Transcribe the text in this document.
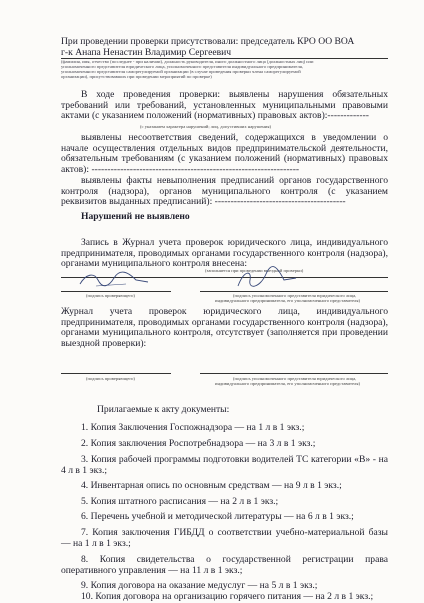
При проведении проверки присутствовали: председатель КРО ОО ВОА
г-к Анапа Ненастин Владимир Сергеевич
(фамилия, имя, отчество (последнее - при наличии), должность руководителя, иного должностного лица (должностных лиц) или
уполномоченного представителя юридического лица, уполномоченного представителя индивидуального предпринимателя,
уполномоченного представителя саморегулируемой организации (в случае проведения проверки члена саморегулируемой
организации), присутствовавших при проведении мероприятий по проверке)
В ходе проведения проверки: выявлены нарушения обязательных требований или требований, установленных муниципальными правовыми актами (с указанием положений (нормативных) правовых актов):-------------
(с указанием характера нарушений; лиц, допустивших нарушения)
выявлены несоответствия сведений, содержащихся в уведомлении о начале осуществления отдельных видов предпринимательской деятельности, обязательным требованиям (с указанием положений (нормативных) правовых актов): -----------------------------------------------------------------
выявлены факты невыполнения предписаний органов государственного контроля (надзора), органов муниципального контроля (с указанием реквизитов выданных предписаний): -----------------------------------------
Нарушений не выявлено
Запись в Журнал учета проверок юридического лица, индивидуального предпринимателя, проводимых органами государственного контроля (надзора), органами муниципального контроля внесена:
(заполняется при проведении выездной проверки)
(подпись проверяющего)	(подпись уполномоченного представителя юридического лица,
индивидуального предпринимателя, его уполномоченного представителя)
Журнал учета проверок юридического лица, индивидуального предпринимателя, проводимых органами государственного контроля (надзора), органами муниципального контроля, отсутствует (заполняется при проведении выездной проверки):
(подпись проверяющего)	(подпись уполномоченного представителя юридического лица,
индивидуального предпринимателя, его уполномоченного представителя)
Прилагаемые к акту документы:
1. Копия Заключения Госпожнадзора — на 1 л в 1 экз.;
2. Копия заключения Роспотребнадзора — на 3 л в 1 экз.;
3. Копия рабочей программы подготовки водителей ТС категории «В» - на 4 л в 1 экз.;
4. Инвентарная опись по основным средствам — на 9 л в 1 экз.;
5. Копия штатного расписания — на 2 л в 1 экз.;
6. Перечень учебной и методической литературы — на 6 л в 1 экз.;
7. Копия заключения ГИБДД о соответствии учебно-материальной базы — на 1 л в 1 экз.;
8. Копия свидетельства о государственной регистрации права оперативного управления — на 11 л в 1 экз.;
9. Копия договора на оказание медуслуг — на 5 л в 1 экз.;
10. Копия договора на организацию горячего питания — на 2 л в 1 экз.;
